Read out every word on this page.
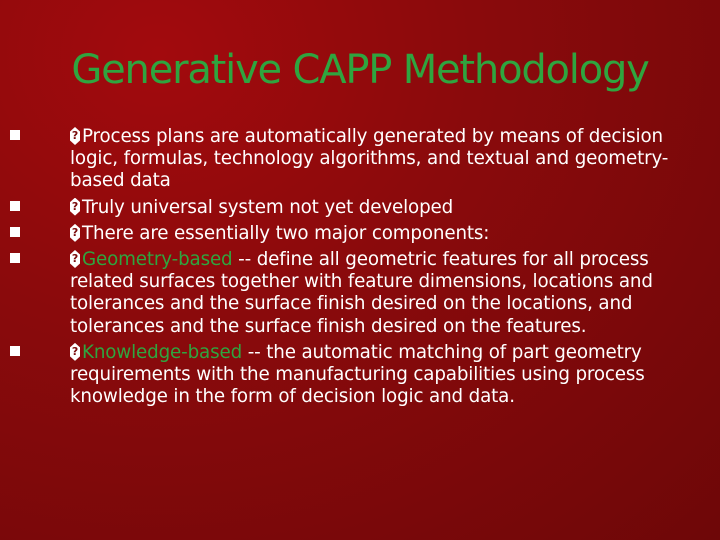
Generative CAPP Methodology
?Process plans are automatically generated by means of decision logic, formulas, technology algorithms, and textual and geometry-based data
?Truly universal system not yet developed
?There are essentially two major components:
?Geometry-based -- define all geometric features for all process related surfaces together with feature dimensions, locations and tolerances and the surface finish desired on the locations, and tolerances and the surface finish desired on the features.
?Knowledge-based -- the automatic matching of part geometry requirements with the manufacturing capabilities using process knowledge in the form of decision logic and data.
